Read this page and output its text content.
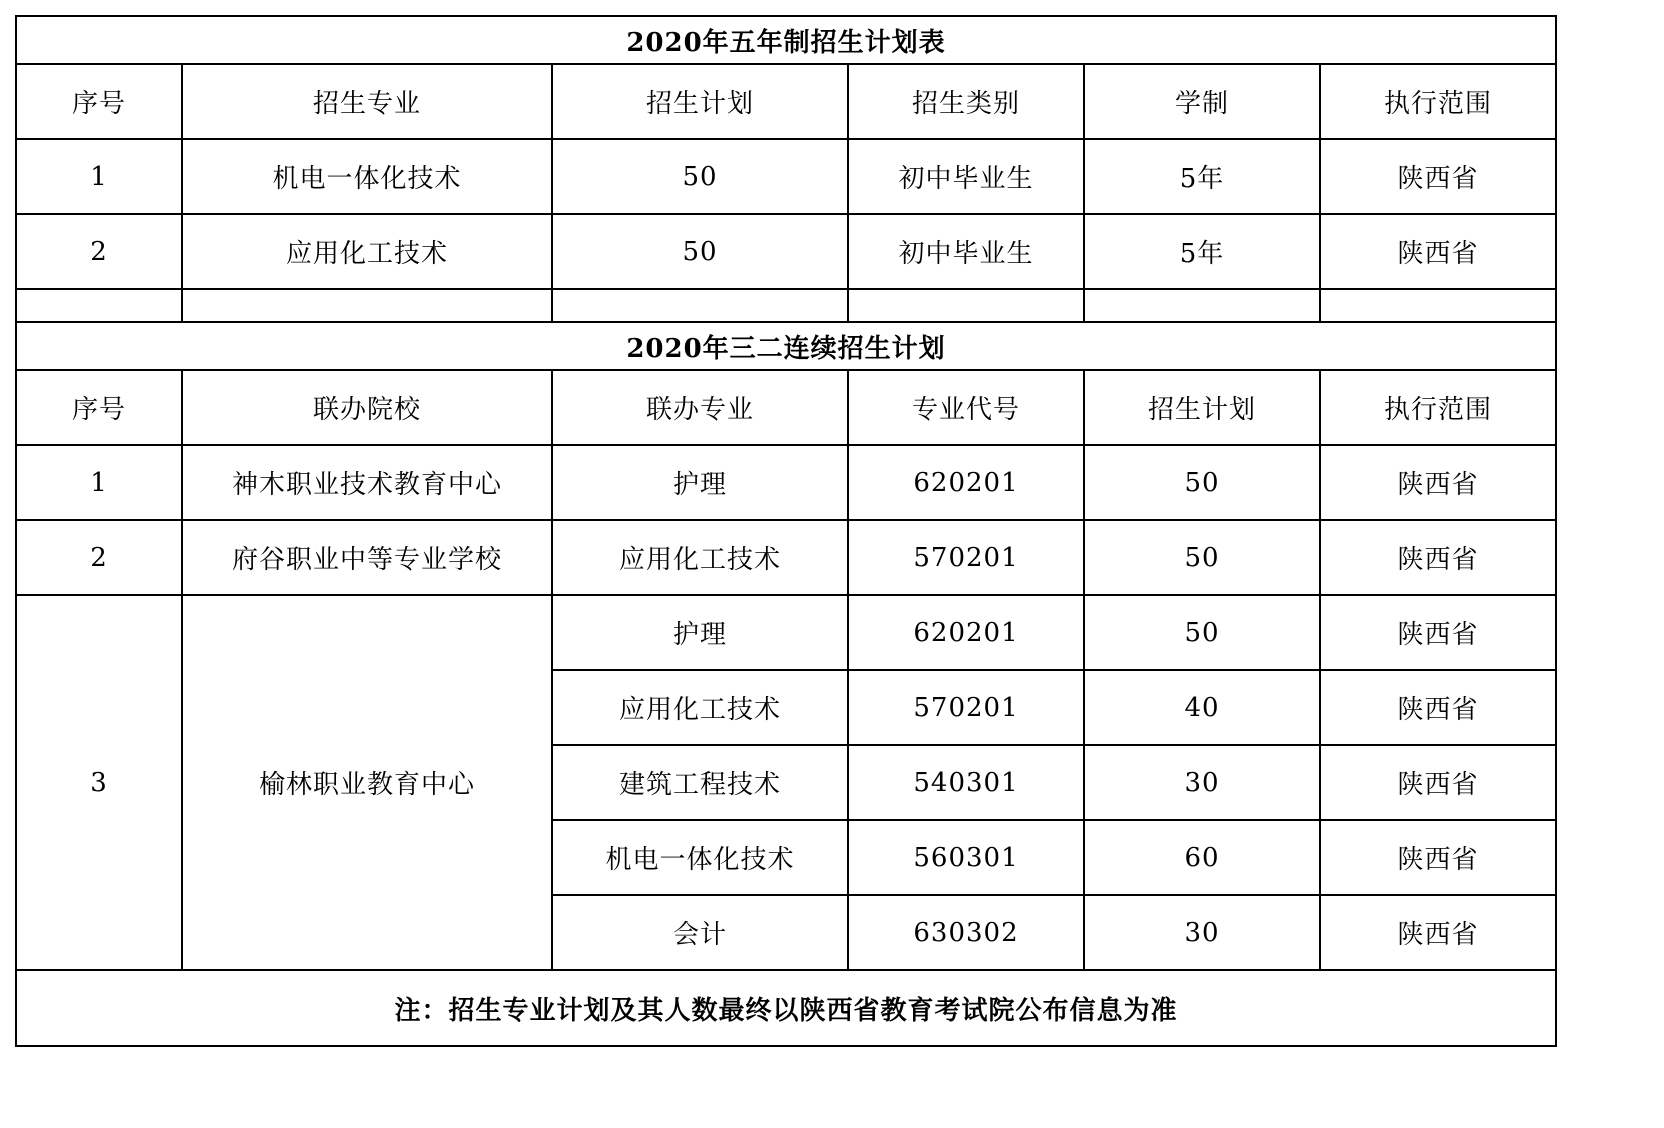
2020年五年制招生计划表					
序号	招生专业	招生计划	招生类别	学制	执行范围
1	机电一体化技术	50	初中毕业生	5年	陕西省
2	应用化工技术	50	初中毕业生	5年	陕西省

2020年三二连续招生计划					
序号	联办院校	联办专业	专业代号	招生计划	执行范围
1	神木职业技术教育中心	护理	620201	50	陕西省
2	府谷职业中等专业学校	应用化工技术	570201	50	陕西省
3	榆林职业教育中心	护理	620201	50	陕西省
		应用化工技术	570201	40	陕西省
		建筑工程技术	540301	30	陕西省
		机电一体化技术	560301	60	陕西省
		会计	630302	30	陕西省
注：招生专业计划及其人数最终以陕西省教育考试院公布信息为准					
